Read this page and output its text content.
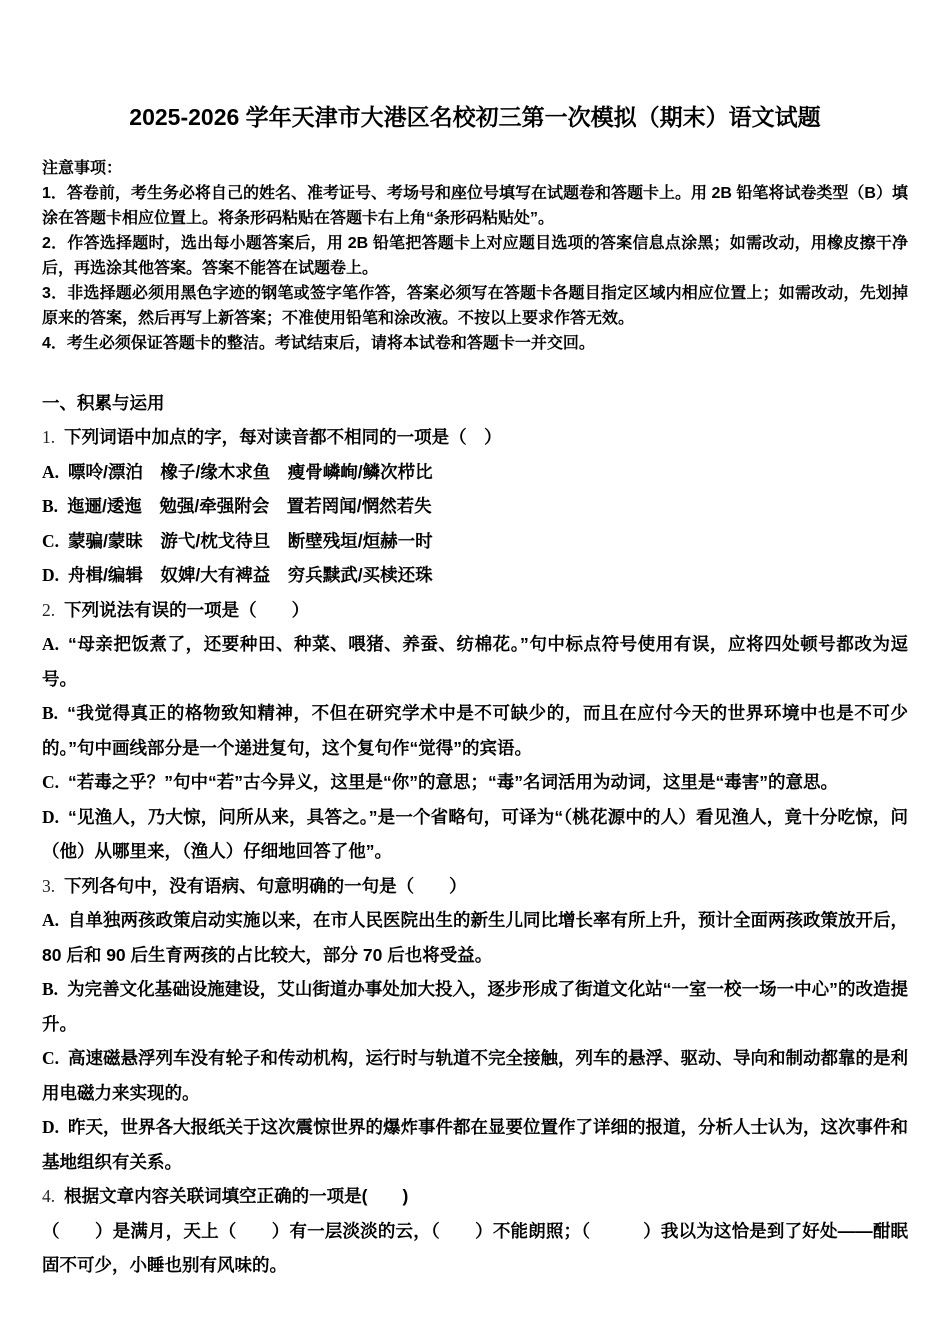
2025-2026 学年天津市大港区名校初三第一次模拟（期末）语文试题

注意事项：

1．答卷前，考生务必将自己的姓名、准考证号、考场号和座位号填写在试题卷和答题卡上。用 2B 铅笔将试卷类型（B）填涂在答题卡相应位置上。将条形码粘贴在答题卡右上角“条形码粘贴处”。

2．作答选择题时，选出每小题答案后，用 2B 铅笔把答题卡上对应题目选项的答案信息点涂黑；如需改动，用橡皮擦干净后，再选涂其他答案。答案不能答在试题卷上。

3．非选择题必须用黑色字迹的钢笔或签字笔作答，答案必须写在答题卡各题目指定区域内相应位置上；如需改动，先划掉原来的答案，然后再写上新答案；不准使用铅笔和涂改液。不按以上要求作答无效。

4．考生必须保证答题卡的整洁。考试结束后，请将本试卷和答题卡一并交回。

一、积累与运用

1. 下列词语中加点的字，每对读音都不相同的一项是（　）

A. 嘌呤/漂泊　橡子/缘木求鱼　瘦骨嶙峋/鳞次栉比

B. 迤逦/逶迤　勉强/牵强附会　置若罔闻/惘然若失

C. 蒙骗/蒙昧　游弋/枕戈待旦　断壁残垣/烜赫一时

D. 舟楫/编辑　奴婢/大有裨益　穷兵黩武/买椟还珠

2. 下列说法有误的一项是（　　）

A. “母亲把饭煮了，还要种田、种菜、喂猪、养蚕、纺棉花。”句中标点符号使用有误，应将四处顿号都改为逗号。

B. “我觉得真正的格物致知精神，不但在研究学术中是不可缺少的，而且在应付今天的世界环境中也是不可少的。”句中画线部分是一个递进复句，这个复句作“觉得”的宾语。

C. “若毒之乎？”句中“若”古今异义，这里是“你”的意思；“毒”名词活用为动词，这里是“毒害”的意思。

D. “见渔人，乃大惊，问所从来，具答之。”是一个省略句，可译为“（桃花源中的人）看见渔人，竟十分吃惊，问（他）从哪里来，（渔人）仔细地回答了他”。

3. 下列各句中，没有语病、句意明确的一句是（　　）

A. 自单独两孩政策启动实施以来，在市人民医院出生的新生儿同比增长率有所上升，预计全面两孩政策放开后，80 后和 90 后生育两孩的占比较大，部分 70 后也将受益。

B. 为完善文化基础设施建设，艾山街道办事处加大投入，逐步形成了街道文化站“一室一校一场一中心”的改造提升。

C. 高速磁悬浮列车没有轮子和传动机构，运行时与轨道不完全接触，列车的悬浮、驱动、导向和制动都靠的是利用电磁力来实现的。

D. 昨天，世界各大报纸关于这次震惊世界的爆炸事件都在显要位置作了详细的报道，分析人士认为，这次事件和基地组织有关系。

4. 根据文章内容关联词填空正确的一项是(　　)

（　　）是满月，天上（　　）有一层淡淡的云，（　　）不能朗照；（　　　）我以为这恰是到了好处——酣眠固不可少，小睡也别有风味的。
